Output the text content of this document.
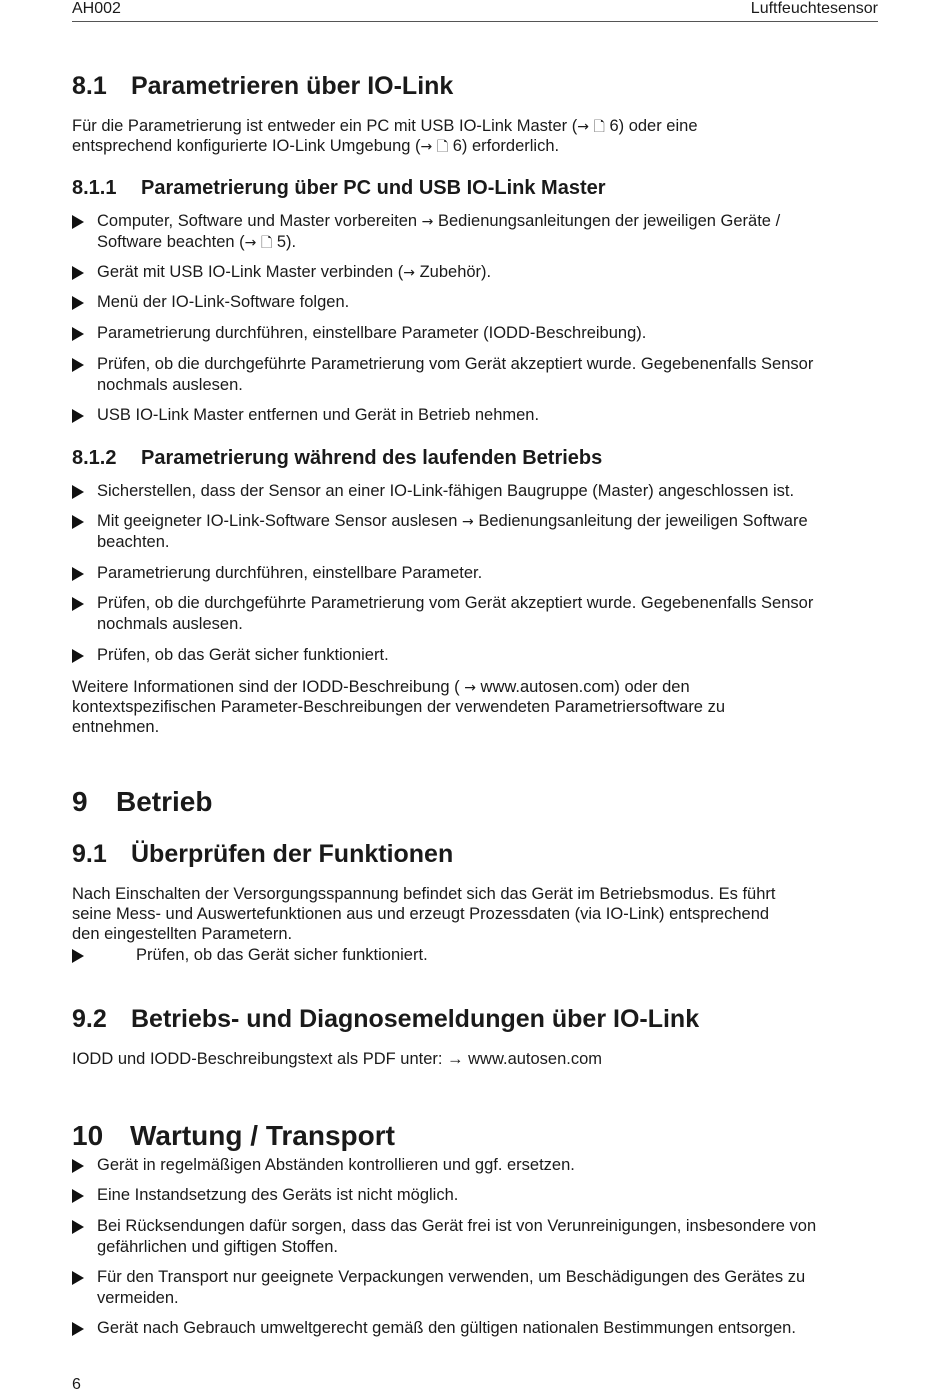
AH002	Luftfeuchtesensor
8.1 Parametrieren über IO-Link
Für die Parametrierung ist entweder ein PC mit USB IO-Link Master (→ 🗋 6) oder eine
entsprechend konfigurierte IO-Link Umgebung (→ 🗋 6) erforderlich.
8.1.1 Parametrierung über PC und USB IO-Link Master
Computer, Software und Master vorbereiten → Bedienungsanleitungen der jeweiligen Geräte /
Software beachten (→ 🗋 5).
Gerät mit USB IO-Link Master verbinden (→ Zubehör).
Menü der IO-Link-Software folgen.
Parametrierung durchführen, einstellbare Parameter (IODD-Beschreibung).
Prüfen, ob die durchgeführte Parametrierung vom Gerät akzeptiert wurde. Gegebenenfalls Sensor
nochmals auslesen.
USB IO-Link Master entfernen und Gerät in Betrieb nehmen.
8.1.2 Parametrierung während des laufenden Betriebs
Sicherstellen, dass der Sensor an einer IO-Link-fähigen Baugruppe (Master) angeschlossen ist.
Mit geeigneter IO-Link-Software Sensor auslesen → Bedienungsanleitung der jeweiligen Software
beachten.
Parametrierung durchführen, einstellbare Parameter.
Prüfen, ob die durchgeführte Parametrierung vom Gerät akzeptiert wurde. Gegebenenfalls Sensor
nochmals auslesen.
Prüfen, ob das Gerät sicher funktioniert.
Weitere Informationen sind der IODD-Beschreibung ( → www.autosen.com) oder den
kontextspezifischen Parameter-Beschreibungen der verwendeten Parametriersoftware zu
entnehmen.
9 Betrieb
9.1 Überprüfen der Funktionen
Nach Einschalten der Versorgungsspannung befindet sich das Gerät im Betriebsmodus. Es führt
seine Mess- und Auswertefunktionen aus und erzeugt Prozessdaten (via IO-Link) entsprechend
den eingestellten Parametern.
Prüfen, ob das Gerät sicher funktioniert.
9.2 Betriebs- und Diagnosemeldungen über IO-Link
IODD und IODD-Beschreibungstext als PDF unter: → www.autosen.com
10 Wartung / Transport
Gerät in regelmäßigen Abständen kontrollieren und ggf. ersetzen.
Eine Instandsetzung des Geräts ist nicht möglich.
Bei Rücksendungen dafür sorgen, dass das Gerät frei ist von Verunreinigungen, insbesondere von
gefährlichen und giftigen Stoffen.
Für den Transport nur geeignete Verpackungen verwenden, um Beschädigungen des Gerätes zu
vermeiden.
Gerät nach Gebrauch umweltgerecht gemäß den gültigen nationalen Bestimmungen entsorgen.
6
